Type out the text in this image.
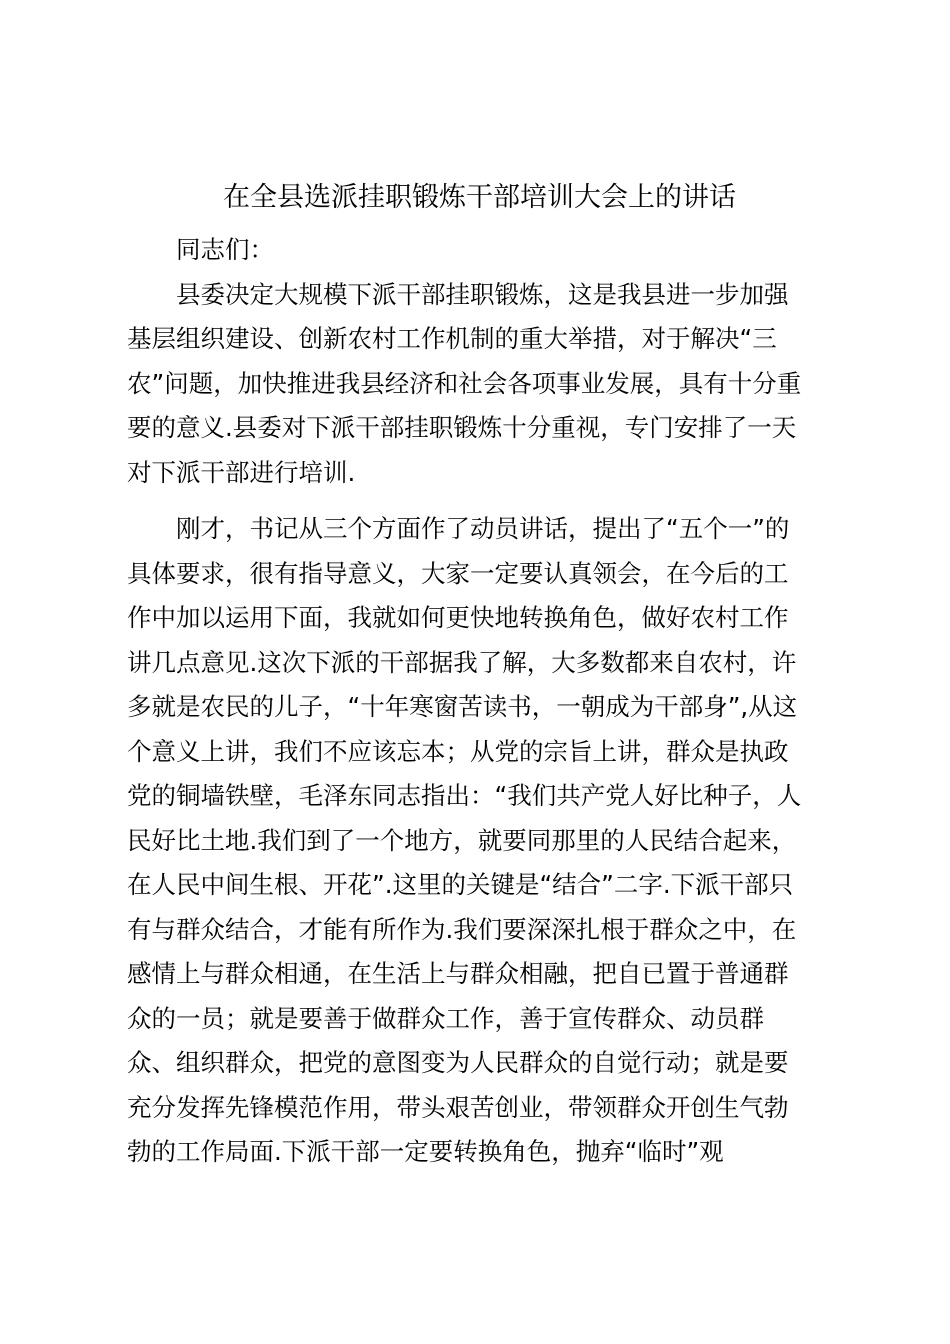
在全县选派挂职锻炼干部培训大会上的讲话
同志们：
县委决定大规模下派干部挂职锻炼，这是我县进一步加强
基层组织建设、创新农村工作机制的重大举措，对于解决“三
农”问题，加快推进我县经济和社会各项事业发展，具有十分重
要的意义.县委对下派干部挂职锻炼十分重视，专门安排了一天
对下派干部进行培训.
刚才，书记从三个方面作了动员讲话，提出了“五个一”的
具体要求，很有指导意义，大家一定要认真领会，在今后的工
作中加以运用下面，我就如何更快地转换角色，做好农村工作
讲几点意见.这次下派的干部据我了解，大多数都来自农村，许
多就是农民的儿子，“十年寒窗苦读书，一朝成为干部身”,从这
个意义上讲，我们不应该忘本；从党的宗旨上讲，群众是执政
党的铜墙铁壁，毛泽东同志指出：“我们共产党人好比种子，人
民好比土地.我们到了一个地方，就要同那里的人民结合起来，
在人民中间生根、开花”.这里的关键是“结合”二字.下派干部只
有与群众结合，才能有所作为.我们要深深扎根于群众之中，在
感情上与群众相通，在生活上与群众相融，把自已置于普通群
众的一员；就是要善于做群众工作，善于宣传群众、动员群
众、组织群众，把党的意图变为人民群众的自觉行动；就是要
充分发挥先锋模范作用，带头艰苦创业，带领群众开创生气勃
勃的工作局面.下派干部一定要转换角色，抛弃“临时”观
